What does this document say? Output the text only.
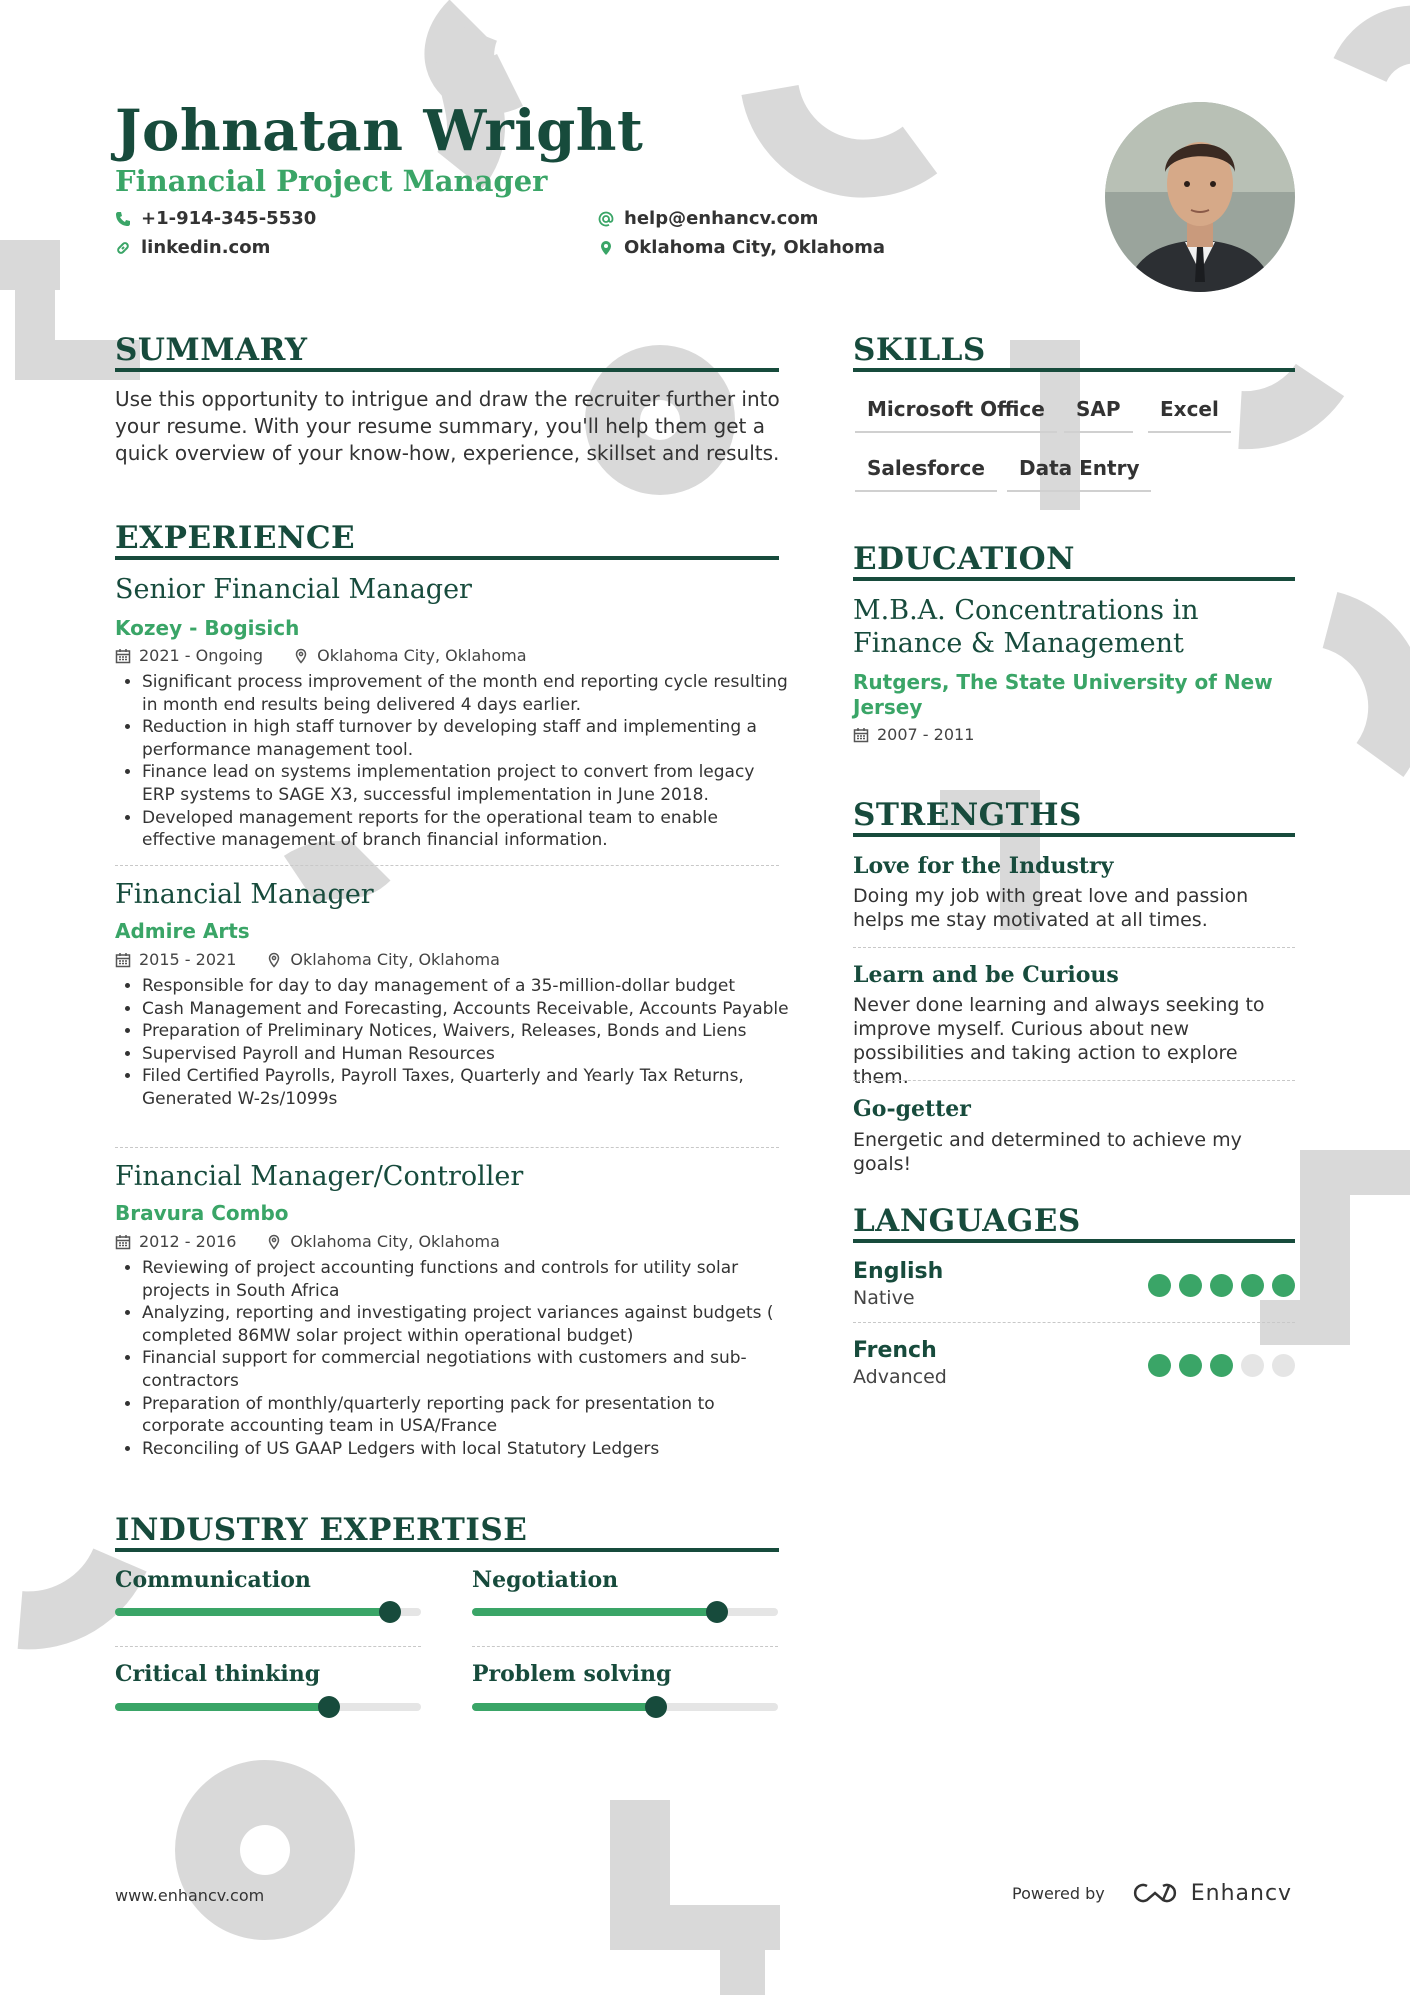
Johnatan Wright
Financial Project Manager
+1-914-345-5530
linkedin.com
help@enhancv.com
Oklahoma City, Oklahoma
SUMMARY
Use this opportunity to intrigue and draw the recruiter further into your resume. With your resume summary, you'll help them get a quick overview of your know-how, experience, skillset and results.
EXPERIENCE
Senior Financial Manager
Kozey - Bogisich
2021 - Ongoing	Oklahoma City, Oklahoma
• Significant process improvement of the month end reporting cycle resulting in month end results being delivered 4 days earlier.
• Reduction in high staff turnover by developing staff and implementing a performance management tool.
• Finance lead on systems implementation project to convert from legacy ERP systems to SAGE X3, successful implementation in June 2018.
• Developed management reports for the operational team to enable effective management of branch financial information.
Financial Manager
Admire Arts
2015 - 2021	Oklahoma City, Oklahoma
• Responsible for day to day management of a 35-million-dollar budget
• Cash Management and Forecasting, Accounts Receivable, Accounts Payable
• Preparation of Preliminary Notices, Waivers, Releases, Bonds and Liens
• Supervised Payroll and Human Resources
• Filed Certified Payrolls, Payroll Taxes, Quarterly and Yearly Tax Returns, Generated W-2s/1099s
Financial Manager/Controller
Bravura Combo
2012 - 2016	Oklahoma City, Oklahoma
• Reviewing of project accounting functions and controls for utility solar projects in South Africa
• Analyzing, reporting and investigating project variances against budgets ( completed 86MW solar project within operational budget)
• Financial support for commercial negotiations with customers and sub-contractors
• Preparation of monthly/quarterly reporting pack for presentation to corporate accounting team in USA/France
• Reconciling of US GAAP Ledgers with local Statutory Ledgers
INDUSTRY EXPERTISE
Communication	Negotiation
Critical thinking	Problem solving
SKILLS
Microsoft Office	SAP	Excel
Salesforce	Data Entry
EDUCATION
M.B.A. Concentrations in Finance & Management
Rutgers, The State University of New Jersey
2007 - 2011
STRENGTHS
Love for the Industry
Doing my job with great love and passion helps me stay motivated at all times.
Learn and be Curious
Never done learning and always seeking to improve myself. Curious about new possibilities and taking action to explore them.
Go-getter
Energetic and determined to achieve my goals!
LANGUAGES
English
Native
French
Advanced
www.enhancv.com	Powered by	Enhancv
